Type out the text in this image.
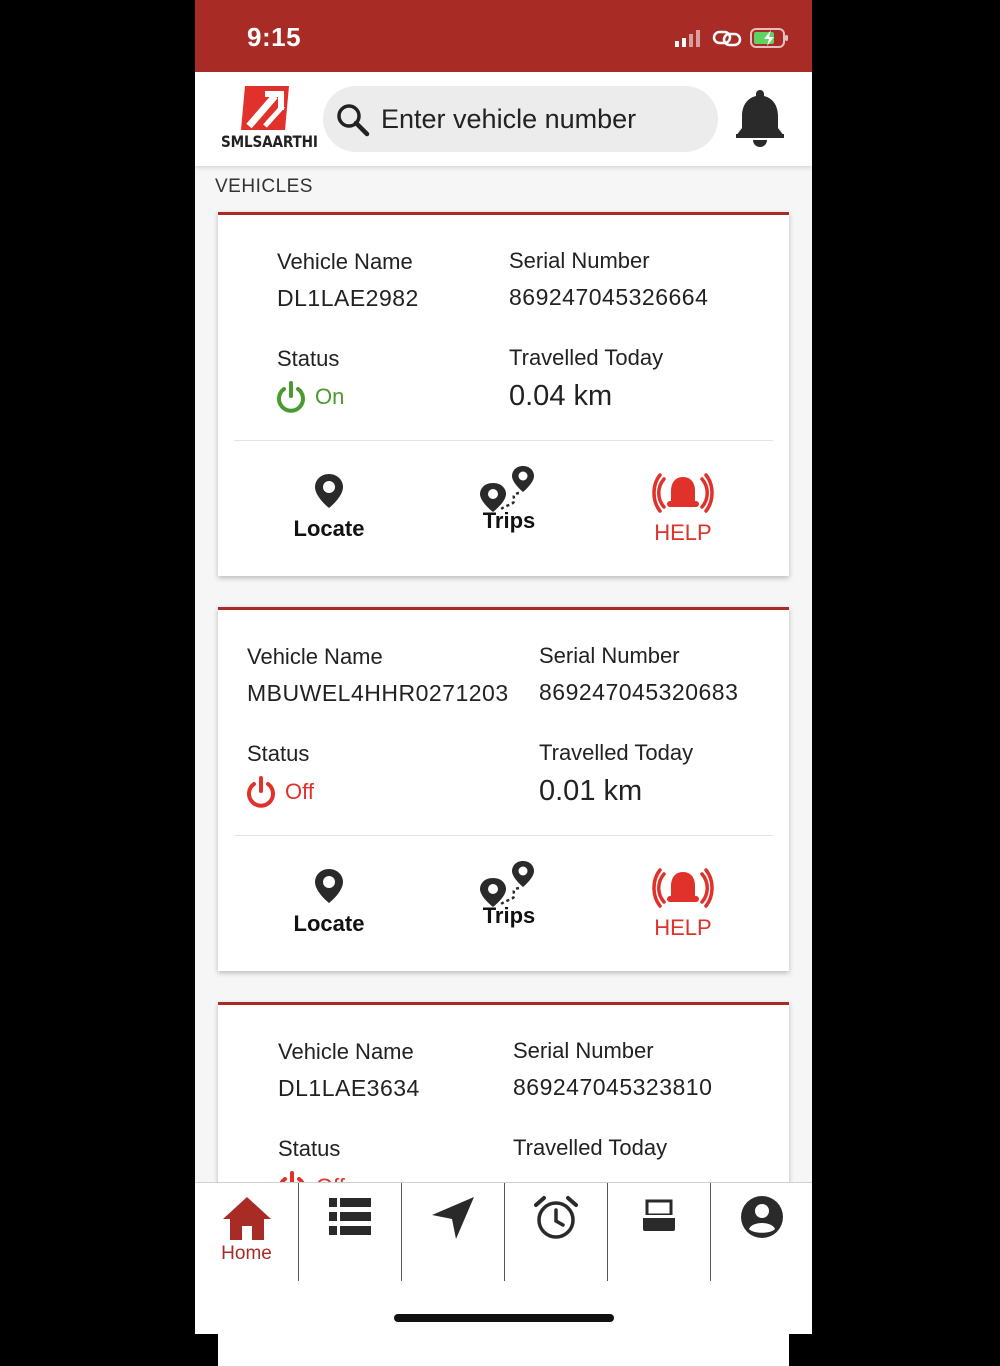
9:15
SMLSAARTHI
Enter vehicle number
VEHICLES
Vehicle Name
DL1LAE2982
Serial Number
869247045326664
Status
On
Travelled Today
0.04 km
Locate	Trips	HELP
Vehicle Name
MBUWEL4HHR0271203
Serial Number
869247045320683
Status
Off
Travelled Today
0.01 km
Locate	Trips	HELP
Vehicle Name
DL1LAE3634
Serial Number
869247045323810
Status	Travelled Today
Home
